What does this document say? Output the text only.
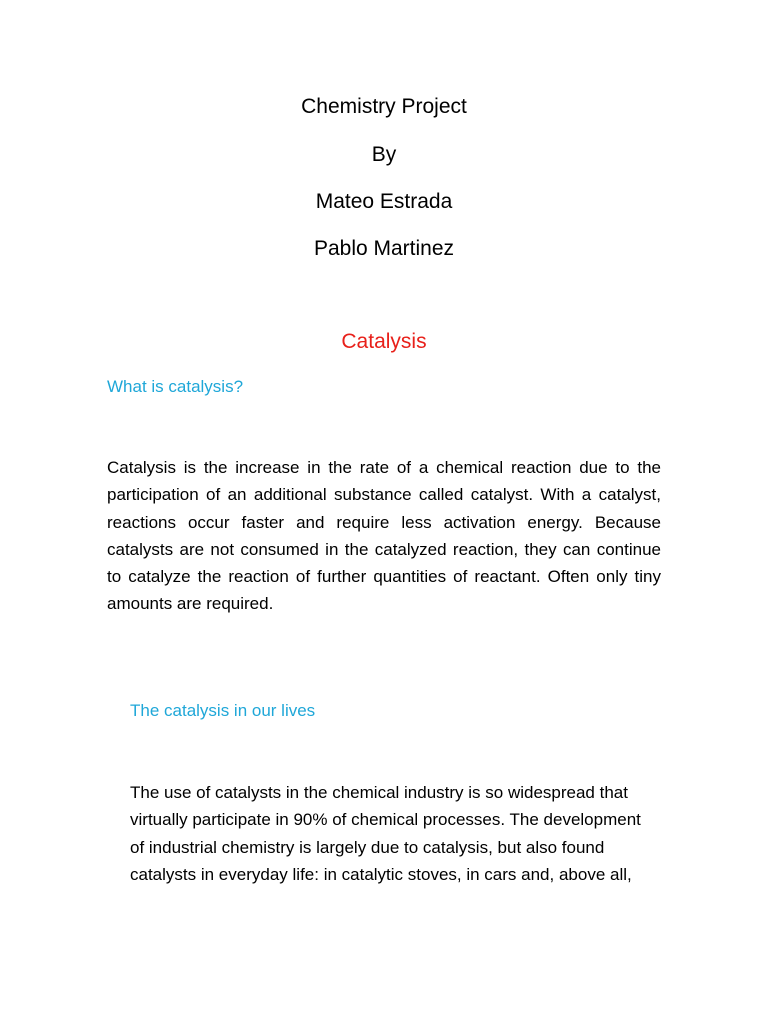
Chemistry Project

By

Mateo Estrada

Pablo Martinez

Catalysis
What is catalysis?

Catalysis is the increase in the rate of a chemical reaction due to the participation of an additional substance called catalyst. With a catalyst, reactions occur faster and require less activation energy. Because catalysts are not consumed in the catalyzed reaction, they can continue to catalyze the reaction of further quantities of reactant. Often only tiny amounts are required.

The catalysis in our lives

The use of catalysts in the chemical industry is so widespread that virtually participate in 90% of chemical processes. The development of industrial chemistry is largely due to catalysis, but also found catalysts in everyday life: in catalytic stoves, in cars and, above all,
